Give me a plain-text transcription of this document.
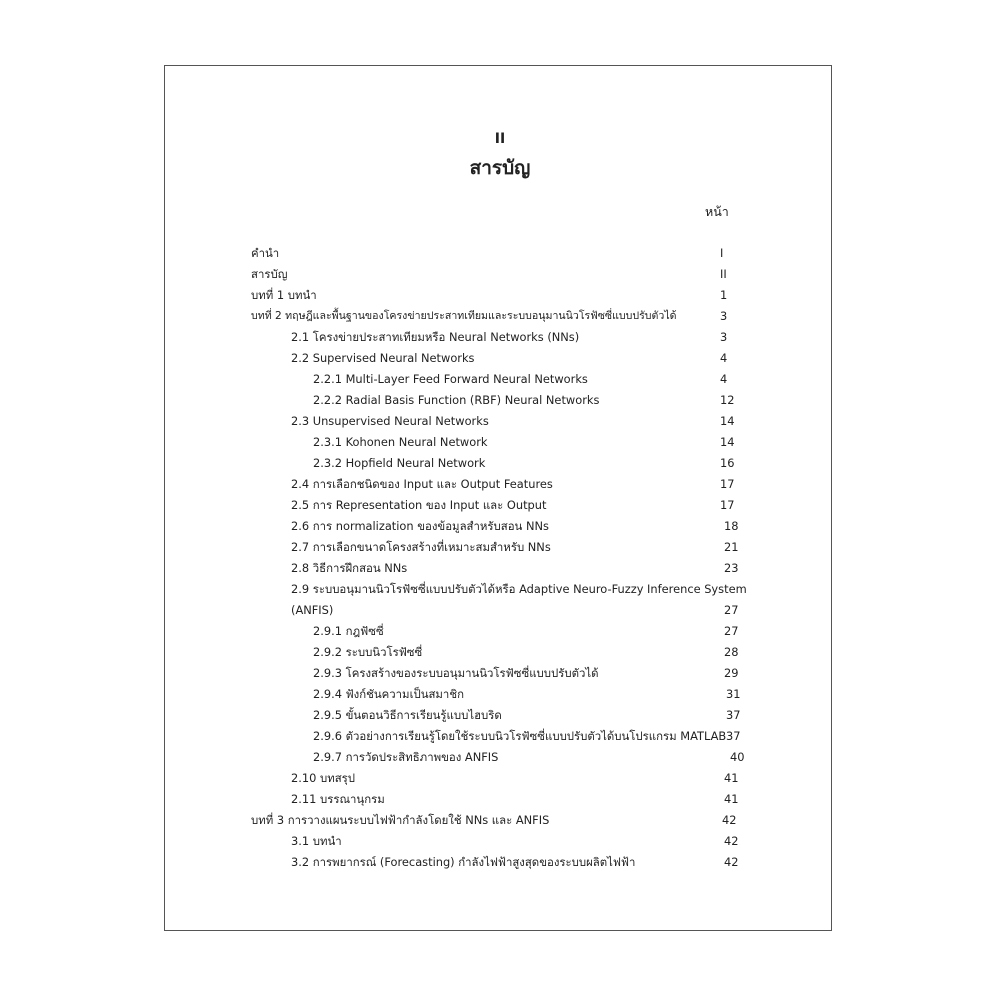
II
สารบัญ
หน้า
คำนำ	I
สารบัญ	II
บทที่ 1 บทนำ	1
บทที่ 2 ทฤษฎีและพื้นฐานของโครงข่ายประสาทเทียมและระบบอนุมานนิวโรฟัซซี่แบบปรับตัวได้	3
2.1 โครงข่ายประสาทเทียมหรือ Neural Networks (NNs)	3
2.2 Supervised Neural Networks	4
2.2.1 Multi-Layer Feed Forward Neural Networks	4
2.2.2 Radial Basis Function (RBF) Neural Networks	12
2.3 Unsupervised Neural Networks	14
2.3.1 Kohonen Neural Network	14
2.3.2 Hopfield Neural Network	16
2.4 การเลือกชนิดของ Input และ Output Features	17
2.5 การ Representation ของ Input และ Output	17
2.6 การ normalization ของข้อมูลสำหรับสอน NNs	18
2.7 การเลือกขนาดโครงสร้างที่เหมาะสมสำหรับ NNs	21
2.8 วิธีการฝึกสอน NNs	23
2.9 ระบบอนุมานนิวโรฟัซซี่แบบปรับตัวได้หรือ Adaptive Neuro-Fuzzy Inference System
(ANFIS)	27
2.9.1 กฎฟัซซี่	27
2.9.2 ระบบนิวโรฟัซซี่	28
2.9.3 โครงสร้างของระบบอนุมานนิวโรฟัซซี่แบบปรับตัวได้	29
2.9.4 ฟังก์ชันความเป็นสมาชิก	31
2.9.5 ขั้นตอนวิธีการเรียนรู้แบบไฮบริด	37
2.9.6 ตัวอย่างการเรียนรู้โดยใช้ระบบนิวโรฟัซซี่แบบปรับตัวได้บนโปรแกรม MATLAB 37
2.9.7 การวัดประสิทธิภาพของ ANFIS	40
2.10 บทสรุป	41
2.11 บรรณานุกรม	41
บทที่ 3 การวางแผนระบบไฟฟ้ากำลังโดยใช้ NNs และ ANFIS	42
3.1 บทนำ	42
3.2 การพยากรณ์ (Forecasting) กำลังไฟฟ้าสูงสุดของระบบผลิตไฟฟ้า	42
